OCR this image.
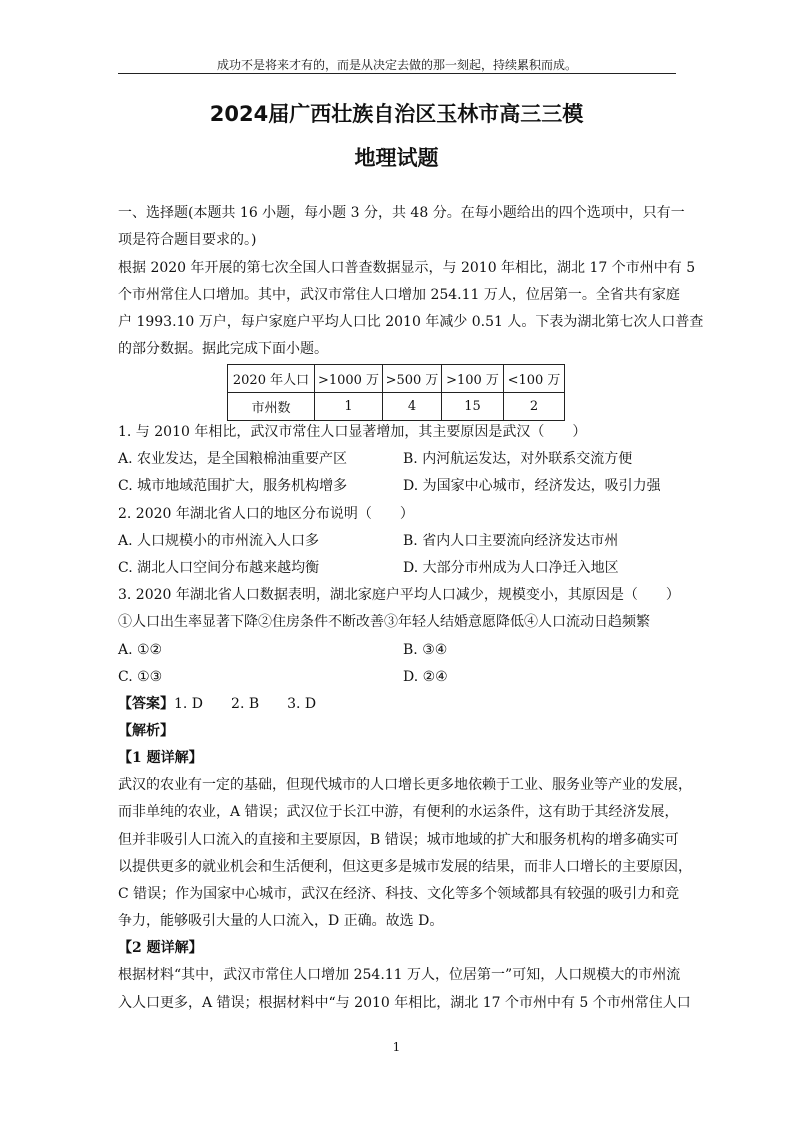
成功不是将来才有的，而是从决定去做的那一刻起，持续累积而成。
2024届广西壮族自治区玉林市高三三模
地理试题
一、选择题(本题共 16 小题，每小题 3 分，共 48 分。在每小题给出的四个选项中，只有一
项是符合题目要求的。)
根据 2020 年开展的第七次全国人口普查数据显示，与 2010 年相比，湖北 17 个市州中有 5
个市州常住人口增加。其中，武汉市常住人口增加 254.11 万人，位居第一。全省共有家庭
户 1993.10 万户，每户家庭户平均人口比 2010 年减少 0.51 人。下表为湖北第七次人口普查
的部分数据。据此完成下面小题。
2020 年人口	>1000 万	>500 万	>100 万	<100 万
市州数	1	4	15	2
1. 与 2010 年相比，武汉市常住人口显著增加，其主要原因是武汉（　　）
A. 农业发达，是全国粮棉油重要产区	B. 内河航运发达，对外联系交流方便
C. 城市地域范围扩大，服务机构增多	D. 为国家中心城市，经济发达，吸引力强
2. 2020 年湖北省人口的地区分布说明（　　）
A. 人口规模小的市州流入人口多	B. 省内人口主要流向经济发达市州
C. 湖北人口空间分布越来越均衡	D. 大部分市州成为人口净迁入地区
3. 2020 年湖北省人口数据表明，湖北家庭户平均人口减少，规模变小，其原因是（　　）
①人口出生率显著下降②住房条件不断改善③年轻人结婚意愿降低④人口流动日趋频繁
A. ①②	B. ③④
C. ①③	D. ②④
【答案】1. D　　2. B　　3. D
【解析】
【1 题详解】
武汉的农业有一定的基础，但现代城市的人口增长更多地依赖于工业、服务业等产业的发展，
而非单纯的农业，A 错误；武汉位于长江中游，有便利的水运条件，这有助于其经济发展，
但并非吸引人口流入的直接和主要原因，B 错误；城市地域的扩大和服务机构的增多确实可
以提供更多的就业机会和生活便利，但这更多是城市发展的结果，而非人口增长的主要原因，
C 错误；作为国家中心城市，武汉在经济、科技、文化等多个领域都具有较强的吸引力和竞
争力，能够吸引大量的人口流入，D 正确。故选 D。
【2 题详解】
根据材料“其中，武汉市常住人口增加 254.11 万人，位居第一”可知，人口规模大的市州流
入人口更多，A 错误；根据材料中“与 2010 年相比，湖北 17 个市州中有 5 个市州常住人口
1
